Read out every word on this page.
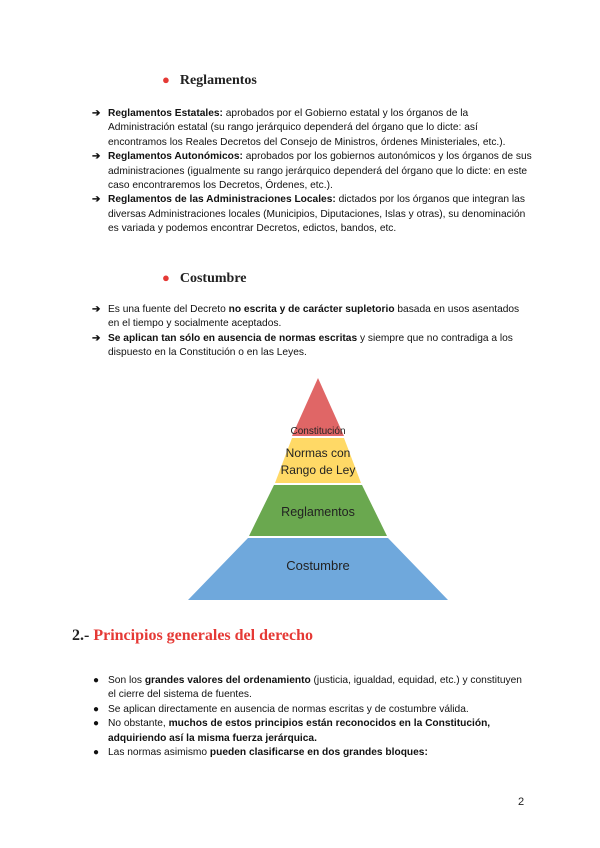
● Reglamentos
➔ Reglamentos Estatales: aprobados por el Gobierno estatal y los órganos de la Administración estatal (su rango jerárquico dependerá del órgano que lo dicte: así encontramos los Reales Decretos del Consejo de Ministros, órdenes Ministeriales, etc.).
➔ Reglamentos Autonómicos: aprobados por los gobiernos autonómicos y los órganos de sus administraciones (igualmente su rango jerárquico dependerá del órgano que lo dicte: en este caso encontraremos los Decretos, Órdenes, etc.).
➔ Reglamentos de las Administraciones Locales: dictados por los órganos que integran las diversas Administraciones locales (Municipios, Diputaciones, Islas y otras), su denominación es variada y podemos encontrar Decretos, edictos, bandos, etc.
● Costumbre
➔ Es una fuente del Decreto no escrita y de carácter supletorio basada en usos asentados en el tiempo y socialmente aceptados.
➔ Se aplican tan sólo en ausencia de normas escritas y siempre que no contradiga a los dispuesto en la Constitución o en las Leyes.
Constitución
Normas con
Rango de Ley
Reglamentos
Costumbre
2.- Principios generales del derecho
● Son los grandes valores del ordenamiento (justicia, igualdad, equidad, etc.) y constituyen el cierre del sistema de fuentes.
● Se aplican directamente en ausencia de normas escritas y de costumbre válida.
● No obstante, muchos de estos principios están reconocidos en la Constitución, adquiriendo así la misma fuerza jerárquica.
● Las normas asimismo pueden clasificarse en dos grandes bloques:
2
